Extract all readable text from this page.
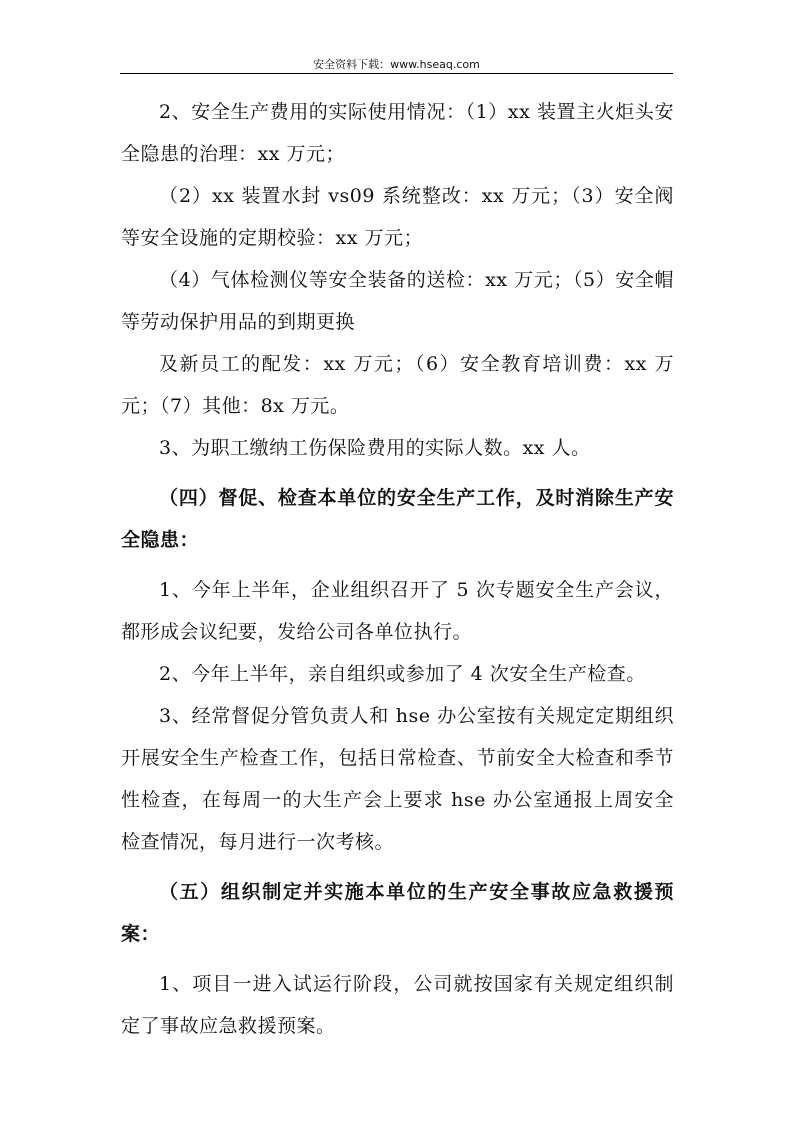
安全资料下载：www.hseaq.com

2、安全生产费用的实际使用情况：（1）xx 装置主火炬头安全隐患的治理：xx 万元；

（2）xx 装置水封 vs09 系统整改：xx 万元；（3）安全阀等安全设施的定期校验：xx 万元；

（4）气体检测仪等安全装备的送检：xx 万元；（5）安全帽等劳动保护用品的到期更换

及新员工的配发：xx 万元；（6）安全教育培训费：xx 万元；（7）其他：8x 万元。

3、为职工缴纳工伤保险费用的实际人数。xx 人。

（四）督促、检查本单位的安全生产工作，及时消除生产安全隐患：

1、今年上半年，企业组织召开了 5 次专题安全生产会议，都形成会议纪要，发给公司各单位执行。

2、今年上半年，亲自组织或参加了 4 次安全生产检查。

3、经常督促分管负责人和 hse 办公室按有关规定定期组织开展安全生产检查工作，包括日常检查、节前安全大检查和季节性检查，在每周一的大生产会上要求 hse 办公室通报上周安全检查情况，每月进行一次考核。

（五）组织制定并实施本单位的生产安全事故应急救援预案：

1、项目一进入试运行阶段，公司就按国家有关规定组织制定了事故应急救援预案。
